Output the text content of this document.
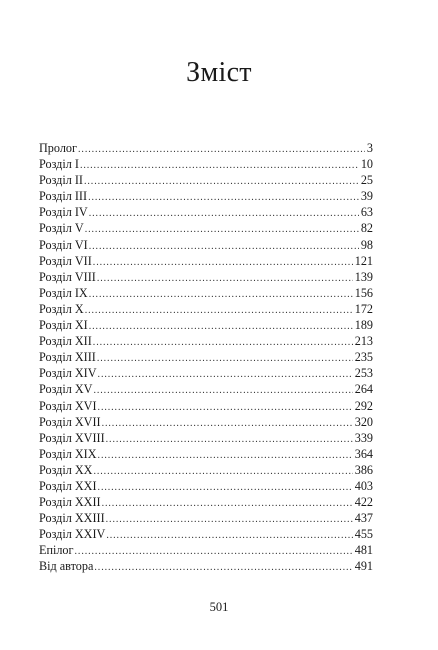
Зміст
Пролог .....	3
Розділ I .....	10
Розділ II .....	25
Розділ III .....	39
Розділ IV .....	63
Розділ V .....	82
Розділ VI .....	98
Розділ VII .....	121
Розділ VIII .....	139
Розділ IX .....	156
Розділ X .....	172
Розділ XI .....	189
Розділ XII .....	213
Розділ XIII .....	235
Розділ XIV .....	253
Розділ XV .....	264
Розділ XVI .....	292
Розділ XVII .....	320
Розділ XVIII .....	339
Розділ XIX .....	364
Розділ XX .....	386
Розділ XXI .....	403
Розділ XXII .....	422
Розділ XXIII .....	437
Розділ XXIV .....	455
Епілог .....	481
Від автора .....	491
501
